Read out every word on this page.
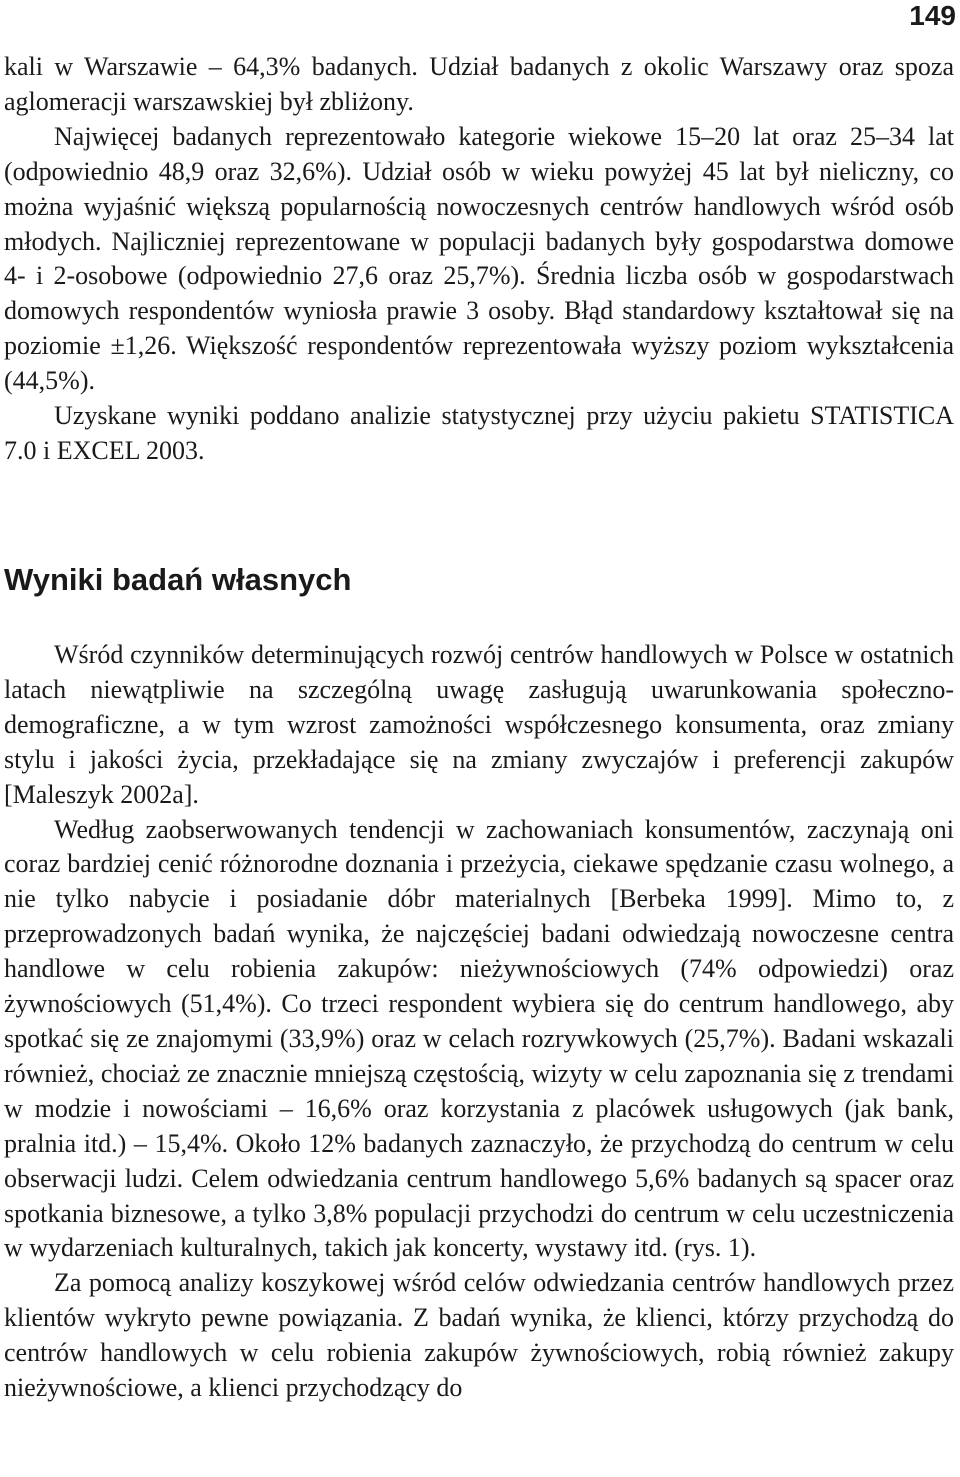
149

kali w Warszawie – 64,3% badanych. Udział badanych z okolic Warszawy oraz spoza aglomeracji warszawskiej był zbliżony.

Najwięcej badanych reprezentowało kategorie wiekowe 15–20 lat oraz 25–34 lat (odpowiednio 48,9 oraz 32,6%). Udział osób w wieku powyżej 45 lat był nieliczny, co można wyjaśnić większą popularnością nowoczesnych centrów handlowych wśród osób młodych. Najliczniej reprezentowane w populacji badanych były gospodarstwa domowe 4- i 2-osobowe (odpowiednio 27,6 oraz 25,7%). Średnia liczba osób w gospodarstwach domowych respondentów wyniosła prawie 3 osoby. Błąd standardowy kształtował się na poziomie ±1,26. Większość respondentów reprezentowała wyższy poziom wykształcenia (44,5%).

Uzyskane wyniki poddano analizie statystycznej przy użyciu pakietu STATISTICA 7.0 i EXCEL 2003.

Wyniki badań własnych

Wśród czynników determinujących rozwój centrów handlowych w Polsce w ostatnich latach niewątpliwie na szczególną uwagę zasługują uwarunkowania społeczno-demograficzne, a w tym wzrost zamożności współczesnego konsumenta, oraz zmiany stylu i jakości życia, przekładające się na zmiany zwyczajów i preferencji zakupów [Maleszyk 2002a].

Według zaobserwowanych tendencji w zachowaniach konsumentów, zaczynają oni coraz bardziej cenić różnorodne doznania i przeżycia, ciekawe spędzanie czasu wolnego, a nie tylko nabycie i posiadanie dóbr materialnych [Berbeka 1999]. Mimo to, z przeprowadzonych badań wynika, że najczęściej badani odwiedzają nowoczesne centra handlowe w celu robienia zakupów: nieżywnościowych (74% odpowiedzi) oraz żywnościowych (51,4%). Co trzeci respondent wybiera się do centrum handlowego, aby spotkać się ze znajomymi (33,9%) oraz w celach rozrywkowych (25,7%). Badani wskazali również, chociaż ze znacznie mniejszą częstością, wizyty w celu zapoznania się z trendami w modzie i nowościami – 16,6% oraz korzystania z placówek usługowych (jak bank, pralnia itd.) – 15,4%. Około 12% badanych zaznaczyło, że przychodzą do centrum w celu obserwacji ludzi. Celem odwiedzania centrum handlowego 5,6% badanych są spacer oraz spotkania biznesowe, a tylko 3,8% populacji przychodzi do centrum w celu uczestniczenia w wydarzeniach kulturalnych, takich jak koncerty, wystawy itd. (rys. 1).

Za pomocą analizy koszykowej wśród celów odwiedzania centrów handlowych przez klientów wykryto pewne powiązania. Z badań wynika, że klienci, którzy przychodzą do centrów handlowych w celu robienia zakupów żywnościowych, robią również zakupy nieżywnościowe, a klienci przychodzący do
